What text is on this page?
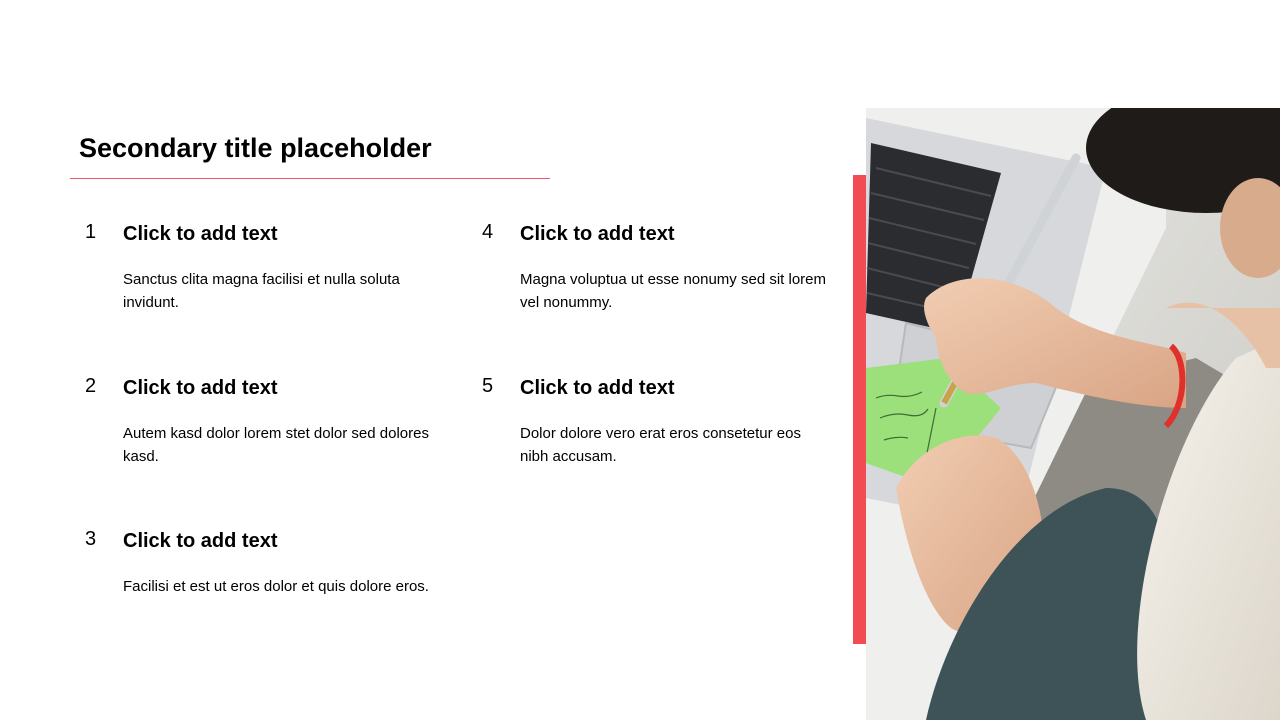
Secondary title placeholder
1	Click to add text
Sanctus clita magna facilisi et nulla soluta invidunt.
2	Click to add text
Autem kasd dolor lorem stet dolor sed dolores kasd.
3	Click to add text
Facilisi et est ut eros dolor et quis dolore eros.
4	Click to add text
Magna voluptua ut esse nonumy sed sit lorem vel nonummy.
5	Click to add text
Dolor dolore vero erat eros consetetur eos nibh accusam.
